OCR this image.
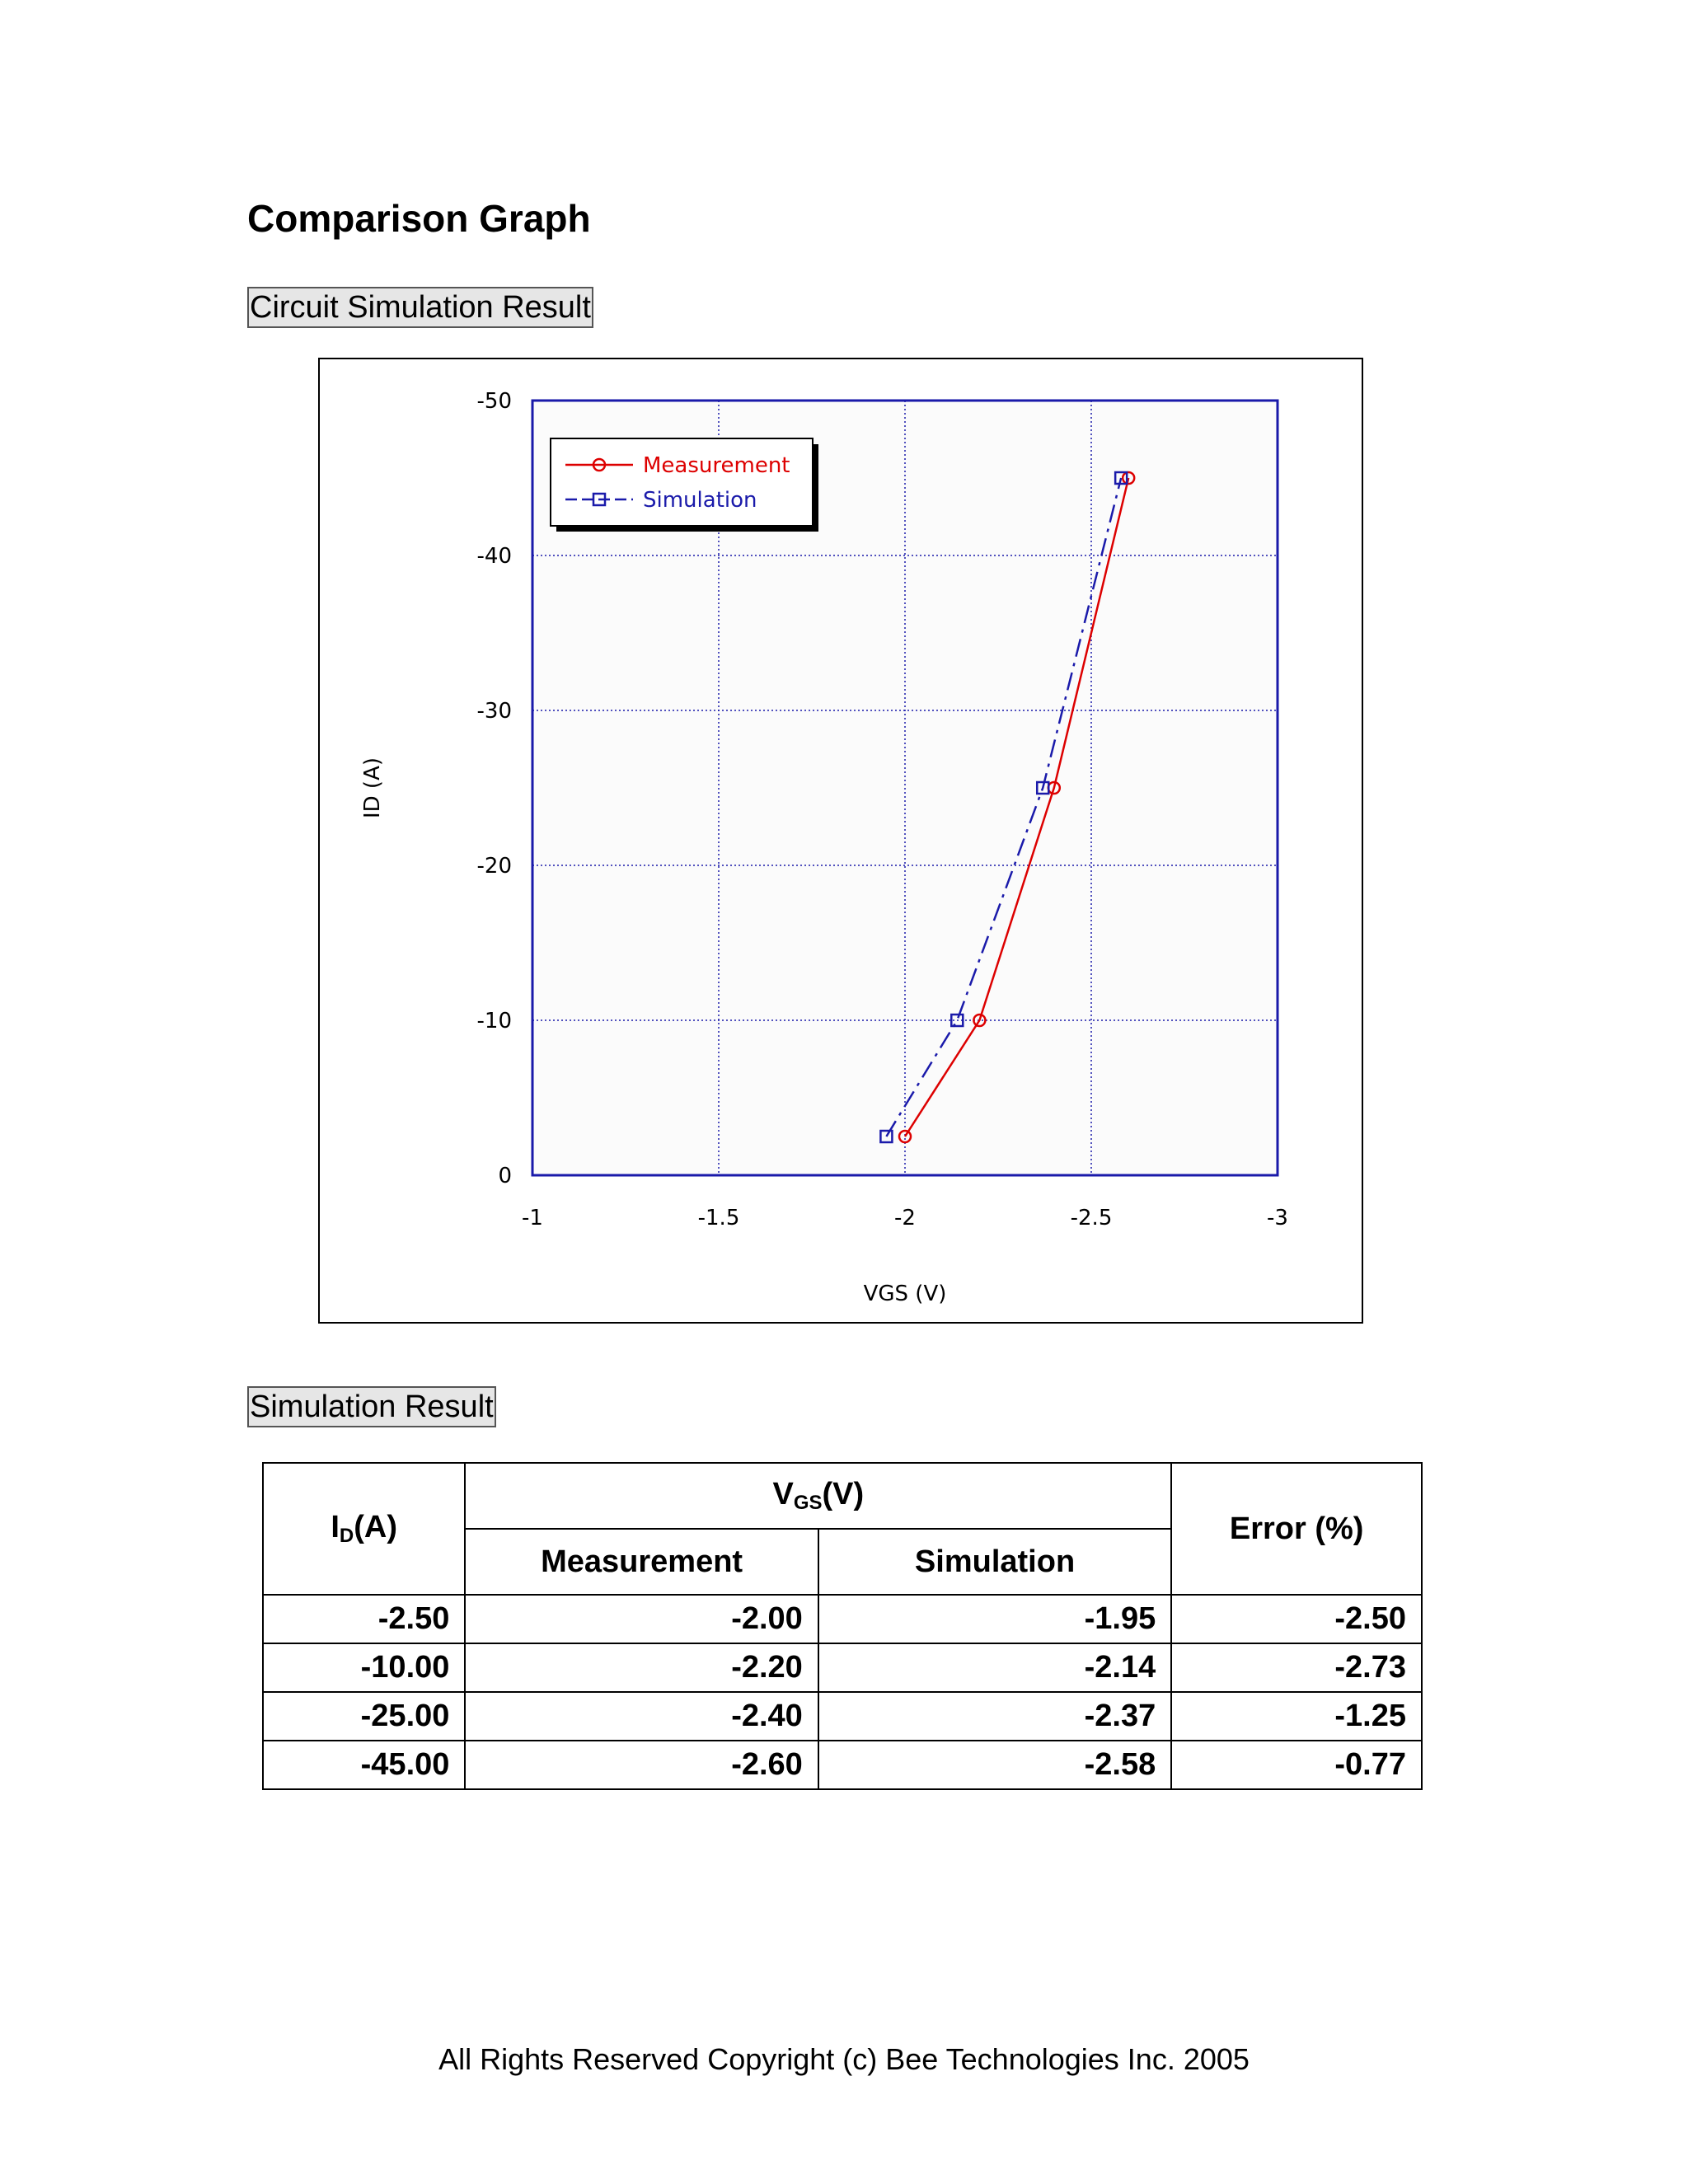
Comparison Graph
Circuit Simulation Result
-1	-1.5	-2	-2.5	-3
0
-10
-20
-30
-40
-50
VGS (V)
ID (A)
Measurement
Simulation
Simulation Result
$I_D(A)$	$V_{GS}(V)$		Error (%)
	Measurement	Simulation	
-2.50	-2.00	-1.95	-2.50
-10.00	-2.20	-2.14	-2.73
-25.00	-2.40	-2.37	-1.25
-45.00	-2.60	-2.58	-0.77
All Rights Reserved Copyright (c) Bee Technologies Inc. 2005
